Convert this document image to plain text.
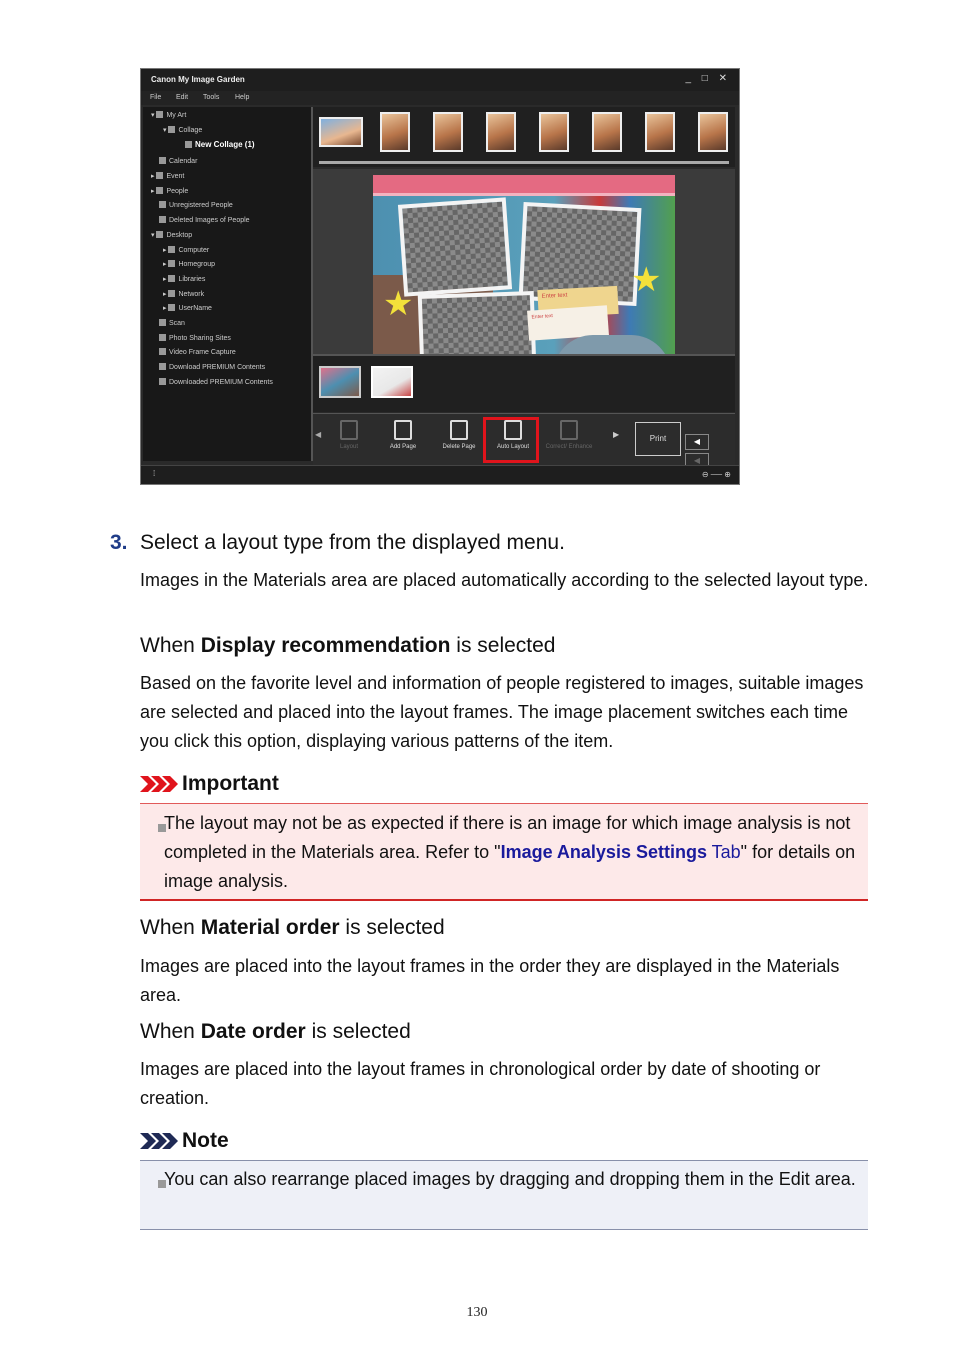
Canon My Image Garden	_ □ ✕
File Edit Tools Help
▾ My Art
▾ Collage
New Collage (1)
Calendar
▸ Event
▸ People
Unregistered People
Deleted Images of People
▾ Desktop
▸ Computer
▸ Homegroup
▸ Libraries
▸ Network
▸ UserName
Scan
Photo Sharing Sites
Video Frame Capture
Download PREMIUM Contents
Downloaded PREMIUM Contents
Enter text
Enter text
★
★
◀
Layout	Add Page	Delete Page	Auto Layout	Correct/ Enhance
▶	Print	◀◀
⁞	⊖ ── ⊕
3. Select a layout type from the displayed menu.
Images in the Materials area are placed automatically according to the selected layout type.
When Display recommendation is selected
Based on the favorite level and information of people registered to images, suitable images are selected and placed into the layout frames. The image placement switches each time you click this option, displaying various patterns of the item.
Important
The layout may not be as expected if there is an image for which image analysis is not completed in the Materials area. Refer to "Image Analysis Settings Tab" for details on image analysis.
When Material order is selected
Images are placed into the layout frames in the order they are displayed in the Materials area.
When Date order is selected
Images are placed into the layout frames in chronological order by date of shooting or creation.
Note
You can also rearrange placed images by dragging and dropping them in the Edit area.
130
